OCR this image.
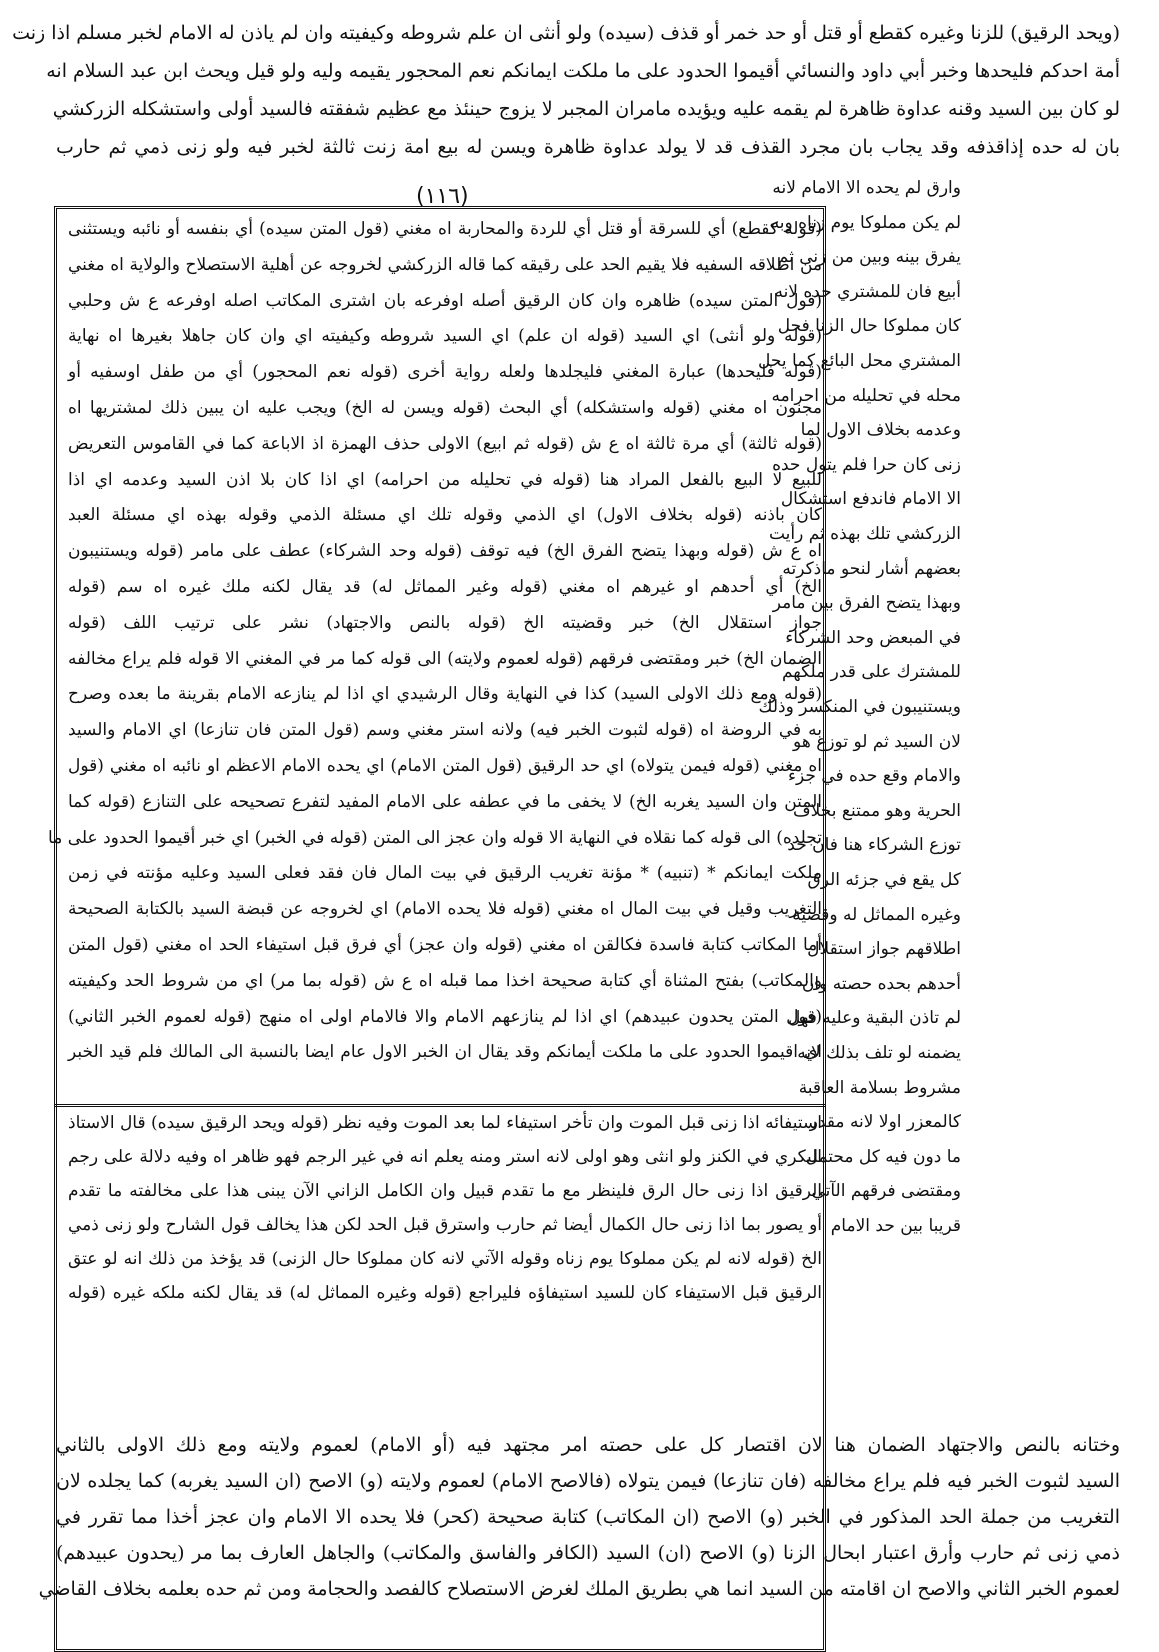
(ويحد الرقيق) للزنا وغيره كقطع أو قتل أو حد خمر أو قذف (سيده) ولو أنثى ان علم شروطه وكيفيته وان لم ياذن له الامام لخبر مسلم اذا زنت
أمة احدكم فليحدها وخبر أبي داود والنسائي أقيموا الحدود على ما ملكت ايمانكم نعم المحجور يقيمه وليه ولو قيل ويحث ابن عبد السلام انه
لو كان بين السيد وقنه عداوة ظاهرة لم يقمه عليه ويؤيده مامران المجبر لا يزوج حينئذ مع عظيم شفقته فالسيد أولى واستشكله الزركشي
بان له حده إذاقذفه وقد يجاب بان مجرد القذف قد لا يولد عداوة ظاهرة ويسن له بيع امة زنت ثالثة لخبر فيه ولو زنى ذمي ثم حارب
(١١٦)	وارق لم يحده الا الامام لانه
لم يكن مملوكا يوم زناه وبه
يفرق بينه وبين من زنى ثم
أبيع فان للمشتري حده لانه
كان مملوكا حال الزنا فحل
المشتري محل البائع كما يحل
محله في تحليله من احرامه
وعدمه بخلاف الاول لما
زنى كان حرا فلم يتول حده
الا الامام فاندفع استشكال
الزركشي تلك بهذه ثم رأيت
بعضهم أشار لنحو ماذكرته
وبهذا يتضح الفرق بين مامر
في المبعض وحد الشركاء
للمشترك على قدر ملكهم
ويستنيبون في المنكسر وذلك
لان السيد ثم لو توزع هو
والامام وقع حده في جزء
الحرية وهو ممتنع بخلاف
توزع الشركاء هنا فان حد
كل يقع في جزئه الرق
وغيره المماثل له وقضية
اطلاقهم جواز استقلال
أحدهم بحده حصته وان
لم تاذن البقية وعليه فهل
يضمنه لو تلف بذلك لانه
مشروط بسلامة العاقبة
كالمعزر اولا لانه مقدر
ما دون فيه كل محتمل
ومقتضى فرقهم الآتي
قريبا بين حد الامام
(قوله كقطع) أي للسرقة أو قتل أي للردة والمحاربة اه مغني (قول المتن سيده) أي بنفسه أو نائبه ويستثنى
من اطلاقه السفيه فلا يقيم الحد على رقيقه كما قاله الزركشي لخروجه عن أهلية الاستصلاح والولاية اه مغني
(قول المتن سيده) ظاهره وان كان الرقيق أصله اوفرعه بان اشترى المكاتب اصله اوفرعه ع ش وحلبي
(قوله ولو أنثى) اي السيد (قوله ان علم) اي السيد شروطه وكيفيته اي وان كان جاهلا بغيرها اه نهاية
(قوله فليحدها) عبارة المغني فليجلدها ولعله رواية أخرى (قوله نعم المحجور) أي من طفل اوسفيه أو
مجنون اه مغني (قوله واستشكله) أي البحث (قوله ويسن له الخ) ويجب عليه ان يبين ذلك لمشتريها اه
(قوله ثالثة) أي مرة ثالثة اه ع ش (قوله ثم ابيع) الاولى حذف الهمزة اذ الاباعة كما في القاموس التعريض
للبيع لا البيع بالفعل المراد هنا (قوله في تحليله من احرامه) اي اذا كان بلا اذن السيد وعدمه اي اذا
كان باذنه (قوله بخلاف الاول) اي الذمي وقوله تلك اي مسئلة الذمي وقوله بهذه اي مسئلة العبد
اه ع ش (قوله وبهذا يتضح الفرق الخ) فيه توقف (قوله وحد الشركاء) عطف على مامر (قوله ويستنيبون
الخ) أي أحدهم او غيرهم اه مغني (قوله وغير المماثل له) قد يقال لكنه ملك غيره اه سم (قوله
جواز استقلال الخ) خبر وقضيته الخ (قوله بالنص والاجتهاد) نشر على ترتيب اللف (قوله
الضمان الخ) خبر ومقتضى فرقهم (قوله لعموم ولايته) الى قوله كما مر في المغني الا قوله فلم يراع مخالفه
(قوله ومع ذلك الاولى السيد) كذا في النهاية وقال الرشيدي اي اذا لم ينازعه الامام بقرينة ما بعده وصرح
به في الروضة اه (قوله لثبوت الخبر فيه) ولانه استر مغني وسم (قول المتن فان تنازعا) اي الامام والسيد
اه مغني (قوله فيمن يتولاه) اي حد الرقيق (قول المتن الامام) اي يحده الامام الاعظم او نائبه اه مغني (قول
المتن وان السيد يغربه الخ) لا يخفى ما في عطفه على الامام المفيد لتفرع تصحيحه على التنازع (قوله كما
تجلده) الى قوله كما نقلاه في النهاية الا قوله وان عجز الى المتن (قوله في الخبر) اي خبر أقيموا الحدود على ما
ملكت ايمانكم * (تنبيه) * مؤنة تغريب الرقيق في بيت المال فان فقد فعلى السيد وعليه مؤنته في زمن
التغريب وقيل في بيت المال اه مغني (قوله فلا يحده الامام) اي لخروجه عن قبضة السيد بالكتابة الصحيحة
أما المكاتب كتابة فاسدة فكالقن اه مغني (قوله وان عجز) أي فرق قبل استيفاء الحد اه مغني (قول المتن
والمكاتب) بفتح المثناة أي كتابة صحيحة اخذا مما قبله اه ع ش (قوله بما مر) اي من شروط الحد وكيفيته
(قول المتن يحدون عبيدهم) اي اذا لم ينازعهم الامام والا فالامام اولى اه منهج (قوله لعموم الخبر الثاني)
اي اقيموا الحدود على ما ملكت أيمانكم وقد يقال ان الخبر الاول عام ايضا بالنسبة الى المالك فلم قيد الخبر
استيفائه اذا زنى قبل الموت وان تأخر استيفاء لما بعد الموت وفيه نظر (قوله ويحد الرقيق سيده) قال الاستاذ
البكري في الكنز ولو انثى وهو اولى لانه استر ومنه يعلم انه في غير الرجم فهو ظاهر اه وفيه دلالة على رجم
الرقيق اذا زنى حال الرق فلينظر مع ما تقدم قبيل وان الكامل الزاني الآن يبنى هذا على مخالفته ما تقدم
أو يصور بما اذا زنى حال الكمال أيضا ثم حارب واسترق قبل الحد لكن هذا يخالف قول الشارح ولو زنى ذمي
الخ (قوله لانه لم يكن مملوكا يوم زناه وقوله الآتي لانه كان مملوكا حال الزنى) قد يؤخذ من ذلك انه لو عتق
الرقيق قبل الاستيفاء كان للسيد استيفاؤه فليراجع (قوله وغيره المماثل له) قد يقال لكنه ملكه غيره (قوله
وختانه بالنص والاجتهاد الضمان هنا لان اقتصار كل على حصته امر مجتهد فيه (أو الامام) لعموم ولايته ومع ذلك الاولى بالثاني
السيد لثبوت الخبر فيه فلم يراع مخالفه (فان تنازعا) فيمن يتولاه (فالاصح الامام) لعموم ولايته (و) الاصح (ان السيد يغربه) كما يجلده لان
التغريب من جملة الحد المذكور في الخبر (و) الاصح (ان المكاتب) كتابة صحيحة (كحر) فلا يحده الا الامام وان عجز أخذا مما تقرر في
ذمي زنى ثم حارب وأرق اعتبار ابحال الزنا (و) الاصح (ان) السيد (الكافر والفاسق والمكاتب) والجاهل العارف بما مر (يحدون عبيدهم)
لعموم الخبر الثاني والاصح ان اقامته من السيد انما هي بطريق الملك لغرض الاستصلاح كالفصد والحجامة ومن ثم حده بعلمه بخلاف القاضي
